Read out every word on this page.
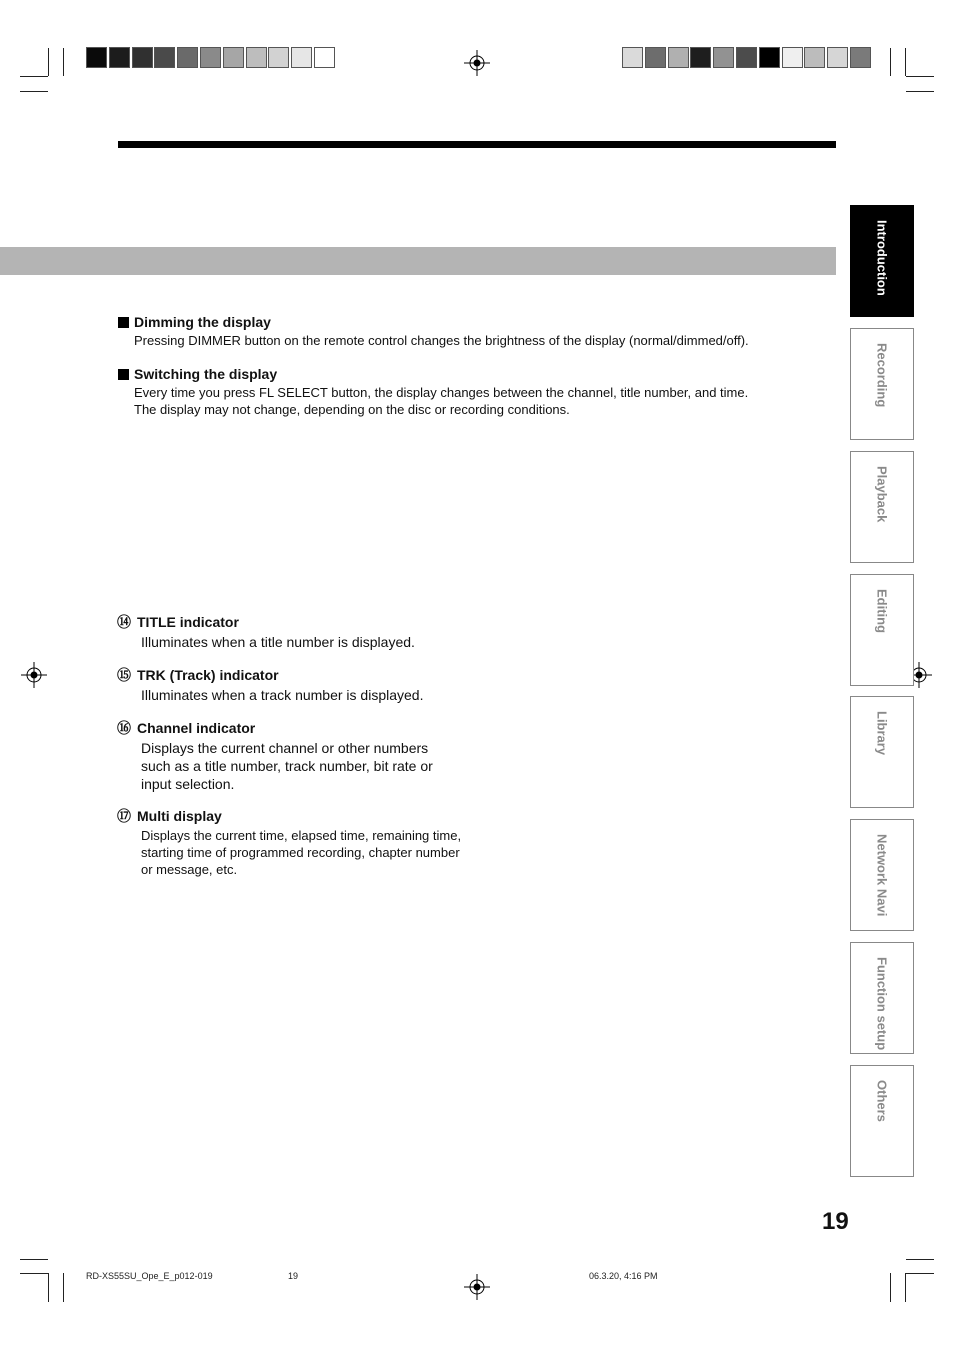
Dimming the display
Pressing DIMMER button on the remote control changes the brightness of the display (normal/dimmed/off).
Switching the display
Every time you press FL SELECT button, the display changes between the channel, title number, and time.
The display may not change, depending on the disc or recording conditions.
⑭ TITLE indicator
Illuminates when a title number is displayed.
⑮ TRK (Track) indicator
Illuminates when a track number is displayed.
⑯ Channel indicator
Displays the current channel or other numbers such as a title number, track number, bit rate or input selection.
⑰ Multi display
Displays the current time, elapsed time, remaining time, starting time of programmed recording, chapter number or message, etc.
Introduction
Recording
Playback
Editing
Library
Network Navi
Function setup
Others
19
RD-XS55SU_Ope_E_p012-019	19	06.3.20, 4:16 PM
